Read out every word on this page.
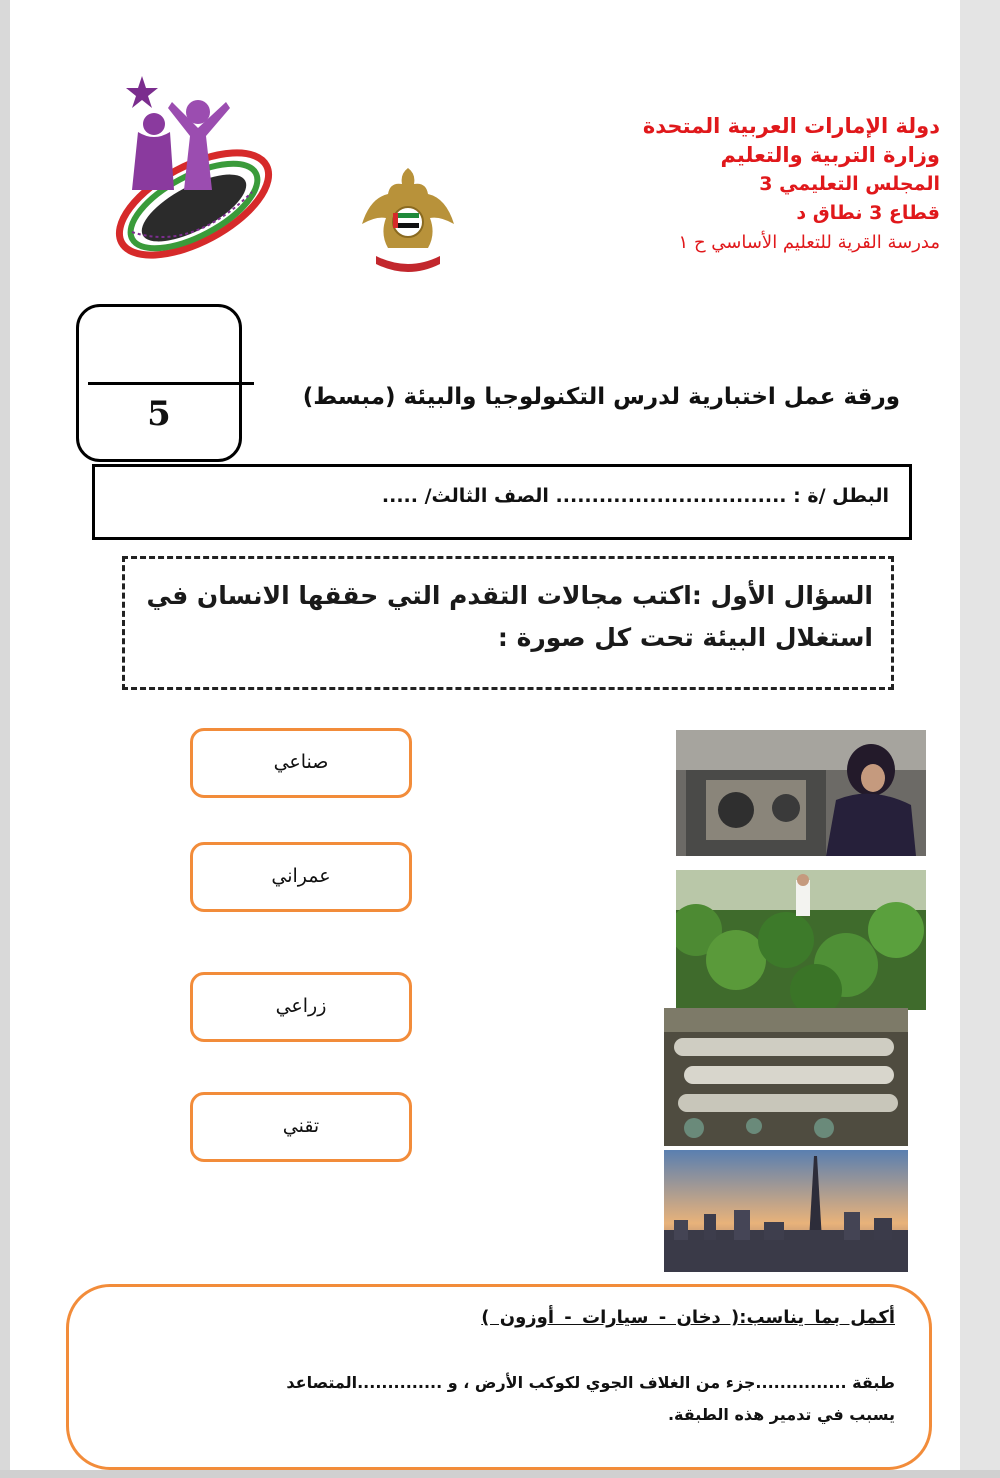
دولة الإمارات العربية المتحدة
وزارة التربية والتعليم
المجلس التعليمي 3
قطاع 3 نطاق د
مدرسة القرية للتعليم الأساسي ح ١
5	ورقة عمل اختبارية لدرس التكنولوجيا والبيئة (مبسط)
البطل /ة : ................................ الصف الثالث/ .....
السؤال الأول :اكتب مجالات التقدم التي حققها الانسان في استغلال البيئة تحت كل صورة :
صناعي
عمراني
زراعي
تقني
أكمل بما يناسب:( دخان - سيارات - أوزون )
طبقة ...............جزء من الغلاف الجوي لكوكب الأرض ، و ..............المتصاعد
يسبب في تدمير هذه الطبقة.
